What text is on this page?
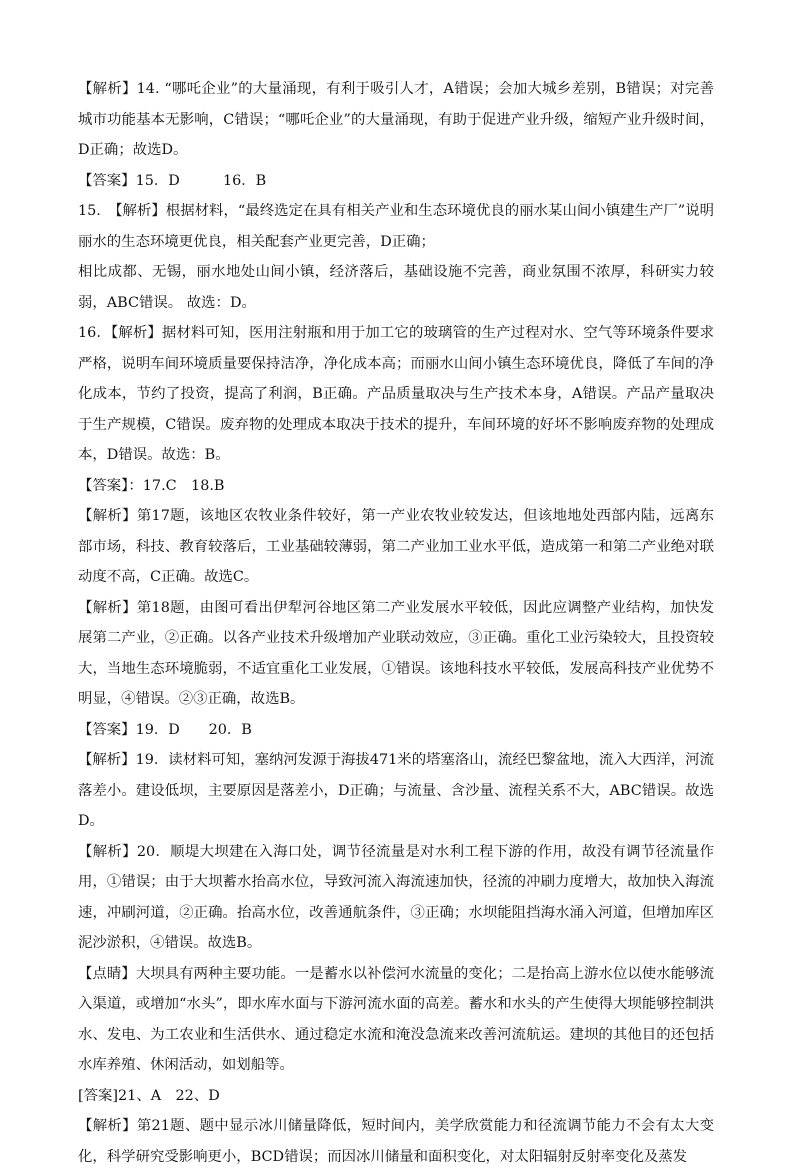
【解析】14. “哪吒企业”的大量涌现，有利于吸引人才，A错误；会加大城乡差别，B错误；对完善城市功能基本无影响，C错误；“哪吒企业”的大量涌现，有助于促进产业升级，缩短产业升级时间，D正确；故选D。

【答案】15．D　　　16．B

15.　【解析】根据材料，“最终选定在具有相关产业和生态环境优良的丽水某山间小镇建生产厂”说明丽水的生态环境更优良，相关配套产业更完善，D正确；

相比成都、无锡，丽水地处山间小镇，经济落后，基础设施不完善，商业氛围不浓厚，科研实力较弱，ABC错误。 故选：D。

16．【解析】据材料可知，医用注射瓶和用于加工它的玻璃管的生产过程对水、空气等环境条件要求严格，说明车间环境质量要保持洁净，净化成本高；而丽水山间小镇生态环境优良，降低了车间的净化成本，节约了投资，提高了利润，B正确。产品质量取决与生产技术本身，A错误。产品产量取决于生产规模，C错误。废弃物的处理成本取决于技术的提升，车间环境的好坏不影响废弃物的处理成本，D错误。故选：B。

【答案】：17.C　18.B

【解析】第17题，该地区农牧业条件较好，第一产业农牧业较发达，但该地地处西部内陆，远离东部市场，科技、教育较落后，工业基础较薄弱，第二产业加工业水平低，造成第一和第二产业绝对联动度不高，C正确。故选C。

【解析】第18题，由图可看出伊犁河谷地区第二产业发展水平较低，因此应调整产业结构，加快发展第二产业，②正确。以各产业技术升级增加产业联动效应，③正确。重化工业污染较大，且投资较大，当地生态环境脆弱，不适宜重化工业发展，①错误。该地科技水平较低，发展高科技产业优势不明显，④错误。②③正确，故选B。

【答案】19．D　　20．B

【解析】19．读材料可知，塞纳河发源于海拔471米的塔塞洛山，流经巴黎盆地，流入大西洋，河流落差小。建设低坝，主要原因是落差小，D正确；与流量、含沙量、流程关系不大，ABC错误。故选D。

【解析】20．顺堤大坝建在入海口处，调节径流量是对水利工程下游的作用，故没有调节径流量作用，①错误；由于大坝蓄水抬高水位，导致河流入海流速加快，径流的冲刷力度增大，故加快入海流速，冲刷河道，②正确。抬高水位，改善通航条件，③正确；水坝能阻挡海水涌入河道，但增加库区泥沙淤积，④错误。故选B。

【点睛】大坝具有两种主要功能。一是蓄水以补偿河水流量的变化；二是抬高上游水位以使水能够流入渠道，或增加“水头”，即水库水面与下游河流水面的高差。蓄水和水头的产生使得大坝能够控制洪水、发电、为工农业和生活供水、通过稳定水流和淹没急流来改善河流航运。建坝的其他目的还包括水库养殖、休闲活动，如划船等。

[答案]21、A　22、D

【解析】第21题、题中显示冰川储量降低，短时间内，美学欣赏能力和径流调节能力不会有太大变化，科学研究受影响更小，BCD错误；而因冰川储量和面积变化，对太阳辐射反射率变化及蒸发
